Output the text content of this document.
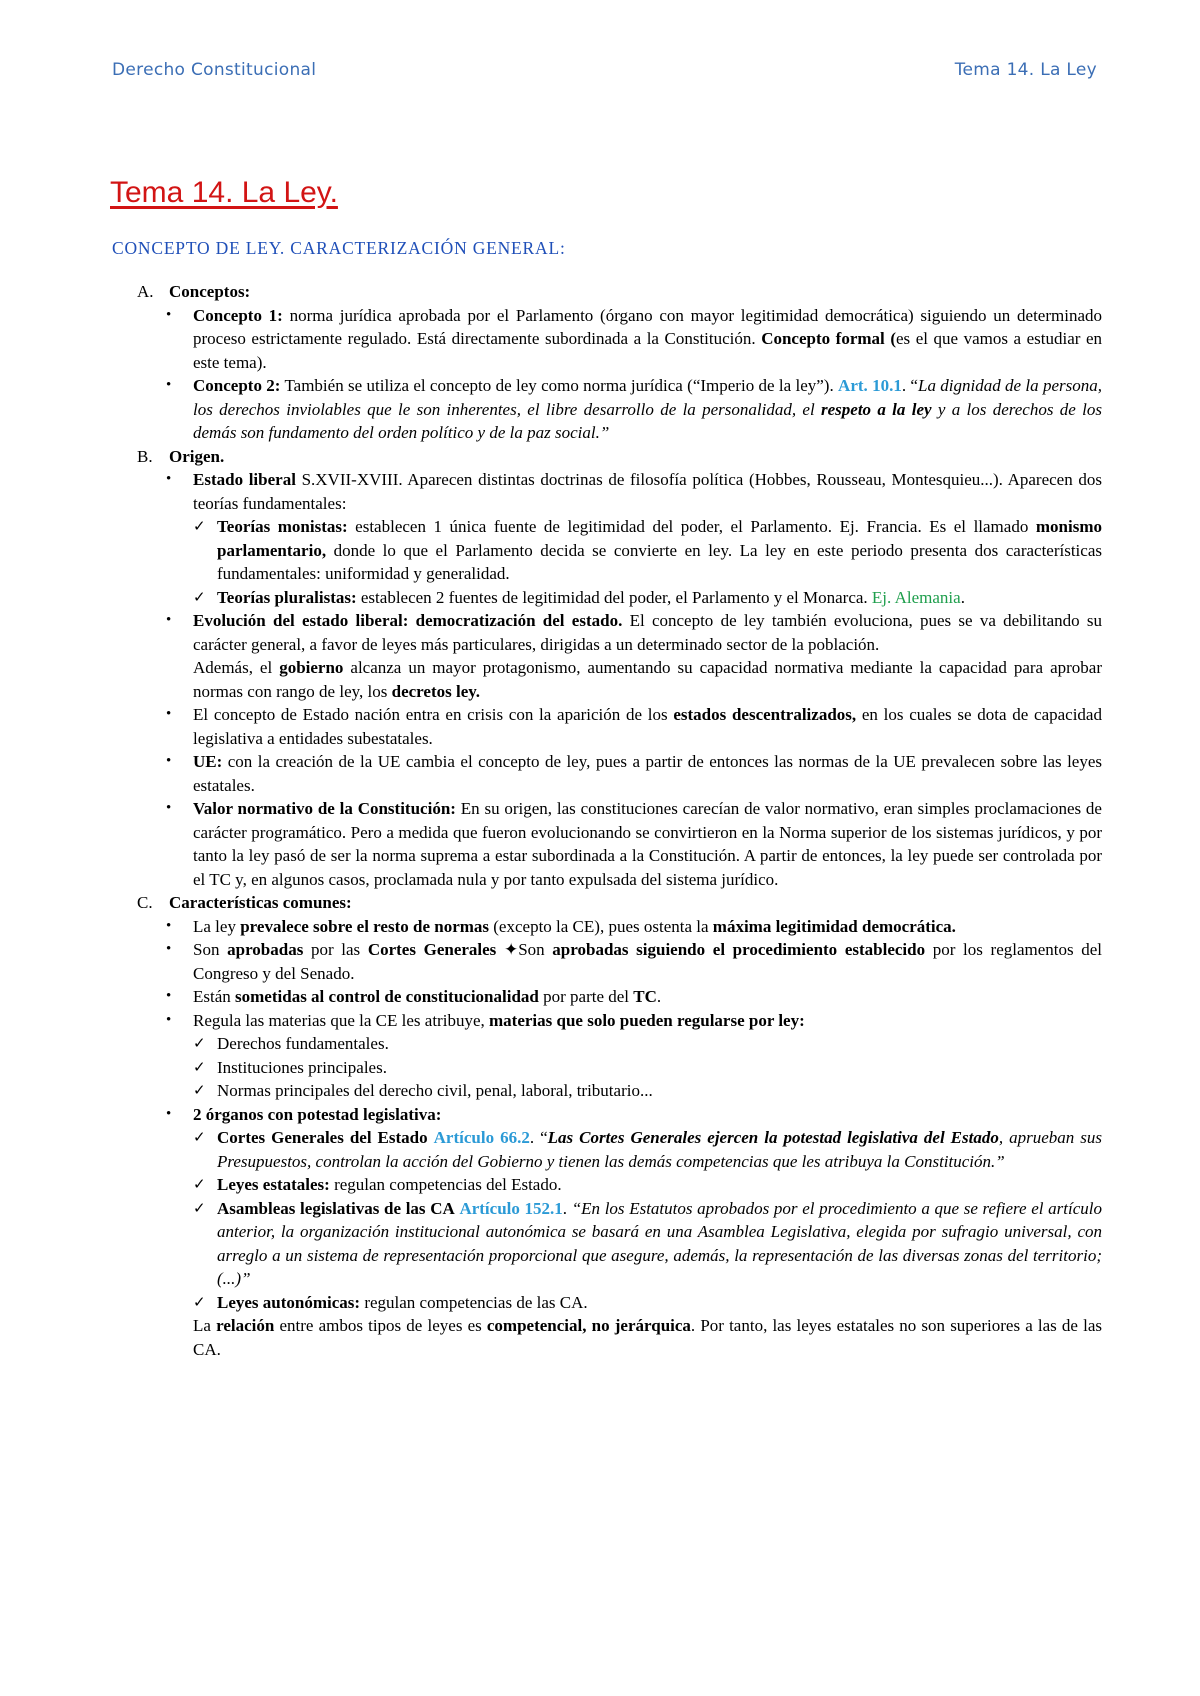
Derecho Constitucional	Tema 14. La Ley
Tema 14. La Ley.
CONCEPTO DE LEY. CARACTERIZACIÓN GENERAL:
A. Conceptos:
•	Concepto 1: norma jurídica aprobada por el Parlamento (órgano con mayor legitimidad democrática) siguiendo un determinado proceso estrictamente regulado. Está directamente subordinada a la Constitución. Concepto formal (es el que vamos a estudiar en este tema).
•	Concepto 2: También se utiliza el concepto de ley como norma jurídica (“Imperio de la ley”). Art. 10.1. “La dignidad de la persona, los derechos inviolables que le son inherentes, el libre desarrollo de la personalidad, el respeto a la ley y a los derechos de los demás son fundamento del orden político y de la paz social.”
B. Origen.
•	Estado liberal S.XVII-XVIII. Aparecen distintas doctrinas de filosofía política (Hobbes, Rousseau, Montesquieu...). Aparecen dos teorías fundamentales:
✓ Teorías monistas: establecen 1 única fuente de legitimidad del poder, el Parlamento. Ej. Francia. Es el llamado monismo parlamentario, donde lo que el Parlamento decida se convierte en ley. La ley en este periodo presenta dos características fundamentales: uniformidad y generalidad.
✓ Teorías pluralistas: establecen 2 fuentes de legitimidad del poder, el Parlamento y el Monarca. Ej. Alemania.
•	Evolución del estado liberal: democratización del estado. El concepto de ley también evoluciona, pues se va debilitando su carácter general, a favor de leyes más particulares, dirigidas a un determinado sector de la población.
Además, el gobierno alcanza un mayor protagonismo, aumentando su capacidad normativa mediante la capacidad para aprobar normas con rango de ley, los decretos ley.
•	El concepto de Estado nación entra en crisis con la aparición de los estados descentralizados, en los cuales se dota de capacidad legislativa a entidades subestatales.
•	UE: con la creación de la UE cambia el concepto de ley, pues a partir de entonces las normas de la UE prevalecen sobre las leyes estatales.
•	Valor normativo de la Constitución: En su origen, las constituciones carecían de valor normativo, eran simples proclamaciones de carácter programático. Pero a medida que fueron evolucionando se convirtieron en la Norma superior de los sistemas jurídicos, y por tanto la ley pasó de ser la norma suprema a estar subordinada a la Constitución. A partir de entonces, la ley puede ser controlada por el TC y, en algunos casos, proclamada nula y por tanto expulsada del sistema jurídico.
C. Características comunes:
•	La ley prevalece sobre el resto de normas (excepto la CE), pues ostenta la máxima legitimidad democrática.
•	Son aprobadas por las Cortes Generales ✦Son aprobadas siguiendo el procedimiento establecido por los reglamentos del Congreso y del Senado.
•	Están sometidas al control de constitucionalidad por parte del TC.
•	Regula las materias que la CE les atribuye, materias que solo pueden regularse por ley:
✓ Derechos fundamentales.
✓ Instituciones principales.
✓ Normas principales del derecho civil, penal, laboral, tributario...
•	2 órganos con potestad legislativa:
✓ Cortes Generales del Estado Artículo 66.2. “Las Cortes Generales ejercen la potestad legislativa del Estado, aprueban sus Presupuestos, controlan la acción del Gobierno y tienen las demás competencias que les atribuya la Constitución.”
✓ Leyes estatales: regulan competencias del Estado.
✓ Asambleas legislativas de las CA Artículo 152.1. “En los Estatutos aprobados por el procedimiento a que se refiere el artículo anterior, la organización institucional autonómica se basará en una Asamblea Legislativa, elegida por sufragio universal, con arreglo a un sistema de representación proporcional que asegure, además, la representación de las diversas zonas del territorio;(...)”
✓ Leyes autonómicas: regulan competencias de las CA.
La relación entre ambos tipos de leyes es competencial, no jerárquica. Por tanto, las leyes estatales no son superiores a las de las CA.
